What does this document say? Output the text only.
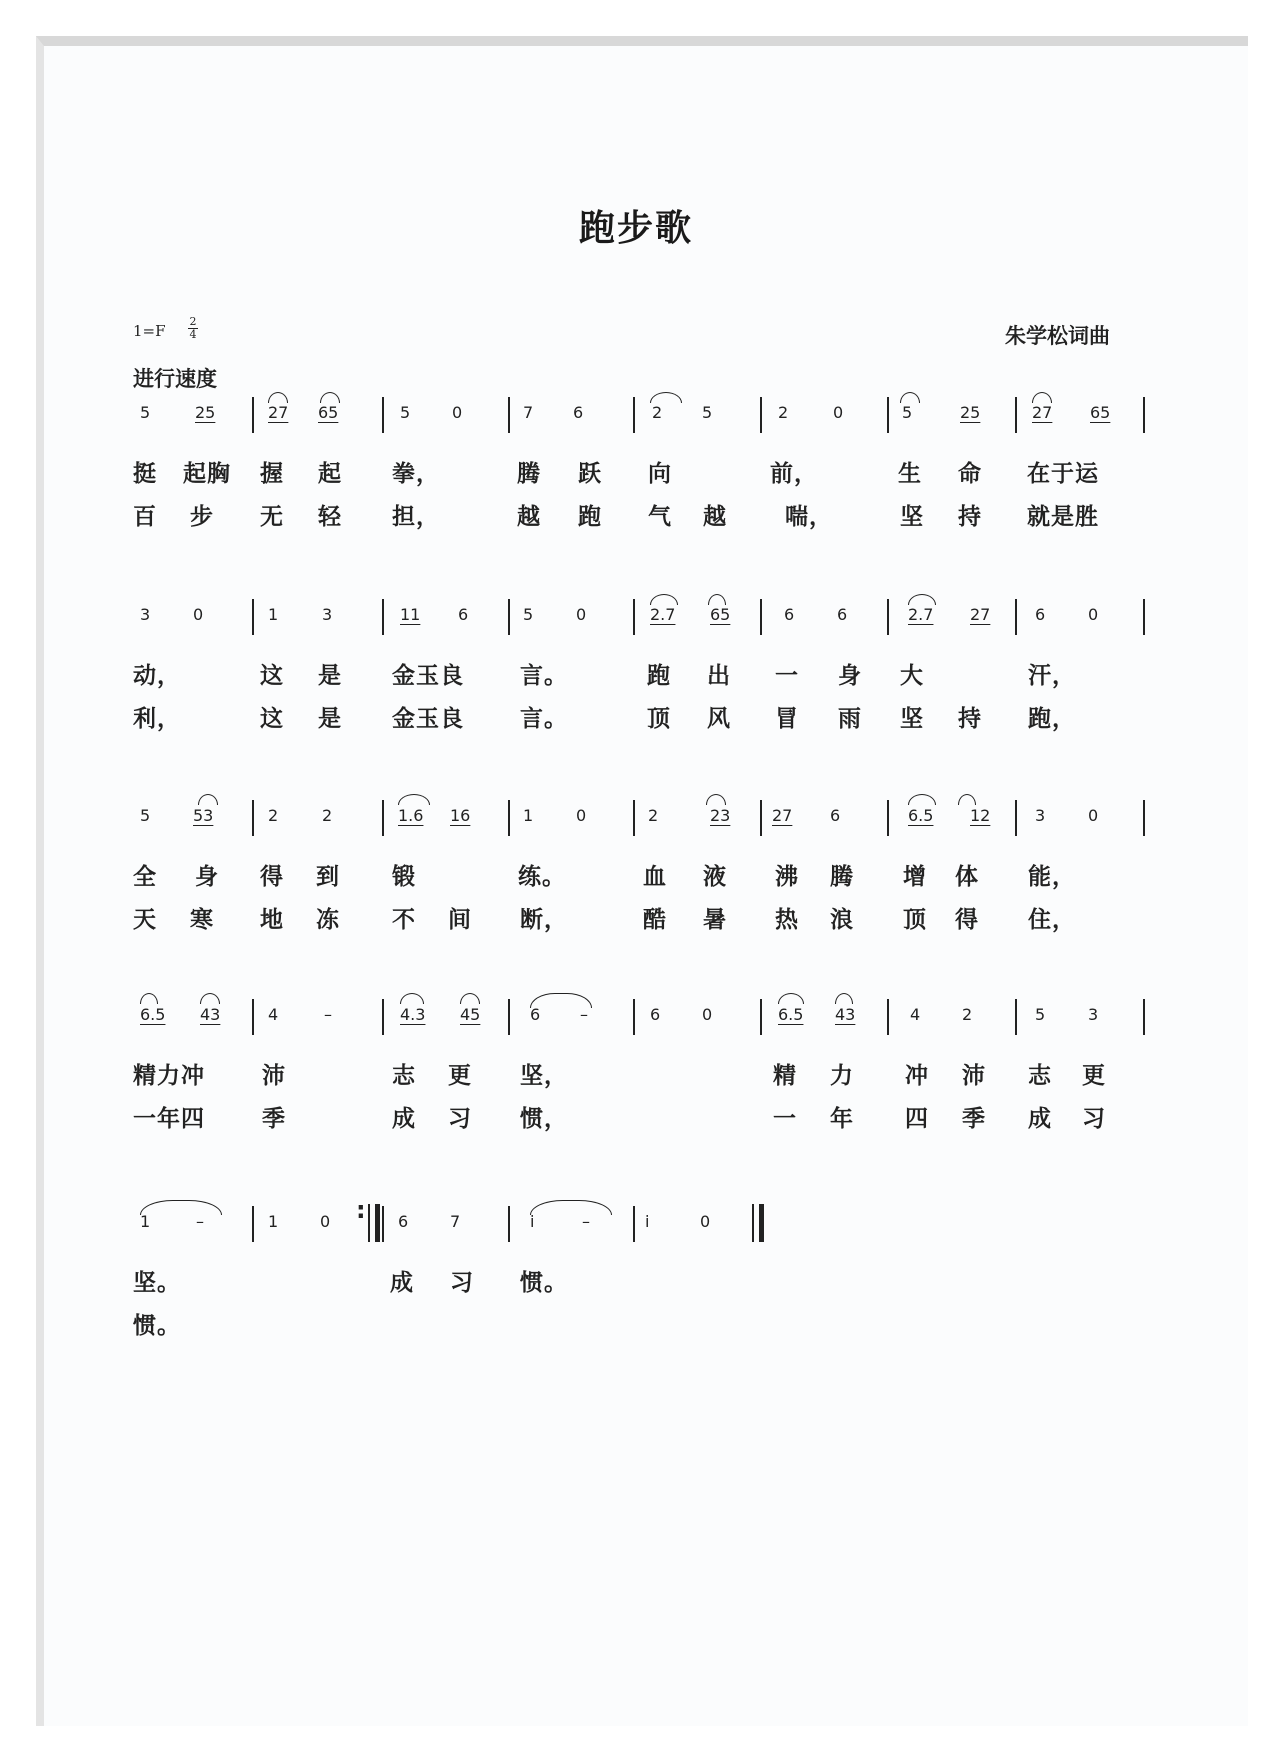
跑步歌
1=F
2
4
进行速度
朱学松词曲
5	25	27 65	5	0	7 6	2 5	2	0	5	25	27 65
挺 起胸 握 起 拳，	腾 跃 向	前，	生 命 在于运
百 步 无 轻 担，	越 跑 气 越	喘，	坚 持 就是胜
3	0	1	3	11 6	5	0	2.7 65	6	6	2.7 27	6	0
动，	这 是 金玉良 言。	跑 出 一 身 大	汗，
利，	这 是 金玉良 言。	顶 风 冒 雨 坚 持 跑，
5	53	2	2	1.6 16	1	0	2	23	27 6	6.5 12	3	0
全 身 得 到 锻	练。	血 液 沸 腾 增 体 能，
天 寒 地 冻 不 间 断，	酷 暑 热 浪 顶 得 住，
6.5 43	4	–	4.3 45	6 –	6	0	6.5 43	4	2	5	3
精力冲 沛	志 更 坚，	精 力 冲 沛 志 更
一年四 季	成 习 惯，	一 年 四 季 成 习
1	–	1	0	6	7	i	–	i	0
坚。	成 习 惯。
惯。
:
